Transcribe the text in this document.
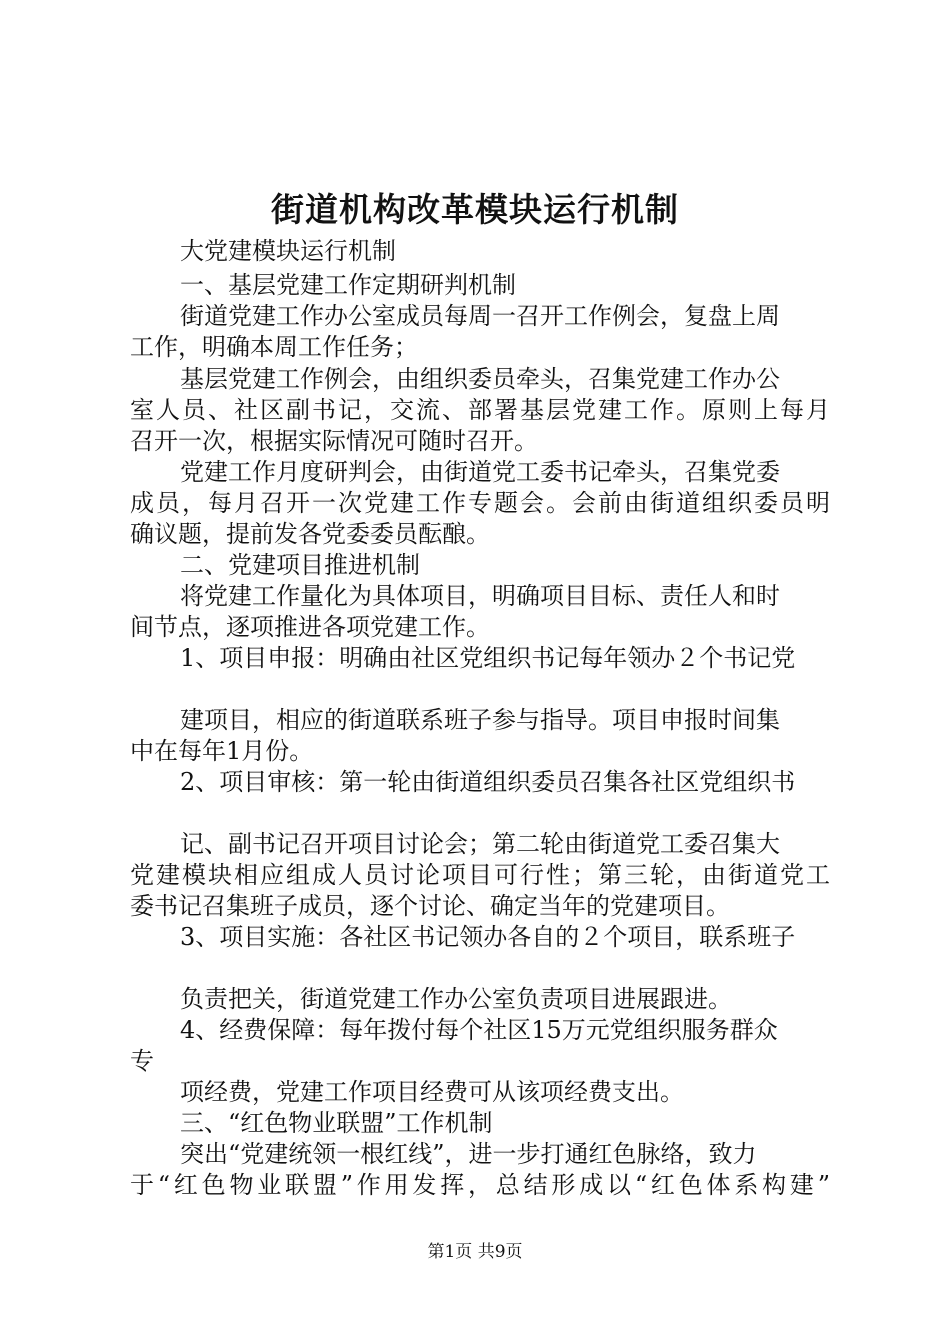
街道机构改革模块运行机制
大党建模块运行机制
一、基层党建工作定期研判机制
街道党建工作办公室成员每周一召开工作例会，复盘上周
工作，明确本周工作任务；
基层党建工作例会，由组织委员牵头，召集党建工作办公
室人员、社区副书记，交流、部署基层党建工作。原则上每月
召开一次，根据实际情况可随时召开。
党建工作月度研判会，由街道党工委书记牵头，召集党委
成员，每月召开一次党建工作专题会。会前由街道组织委员明
确议题，提前发各党委委员酝酿。
二、党建项目推进机制
将党建工作量化为具体项目，明确项目目标、责任人和时
间节点，逐项推进各项党建工作。
1、项目申报：明确由社区党组织书记每年领办２个书记党
建项目，相应的街道联系班子参与指导。项目申报时间集
中在每年1月份。
2、项目审核：第一轮由街道组织委员召集各社区党组织书
记、副书记召开项目讨论会；第二轮由街道党工委召集大
党建模块相应组成人员讨论项目可行性；第三轮，由街道党工
委书记召集班子成员，逐个讨论、确定当年的党建项目。
3、项目实施：各社区书记领办各自的２个项目，联系班子
负责把关，街道党建工作办公室负责项目进展跟进。
4、经费保障：每年拨付每个社区15万元党组织服务群众
专
项经费，党建工作项目经费可从该项经费支出。
三、“红色物业联盟”工作机制
突出“党建统领一根红线”，进一步打通红色脉络，致力
于“红色物业联盟”作用发挥，总结形成以“红色体系构建”
第1页 共9页
